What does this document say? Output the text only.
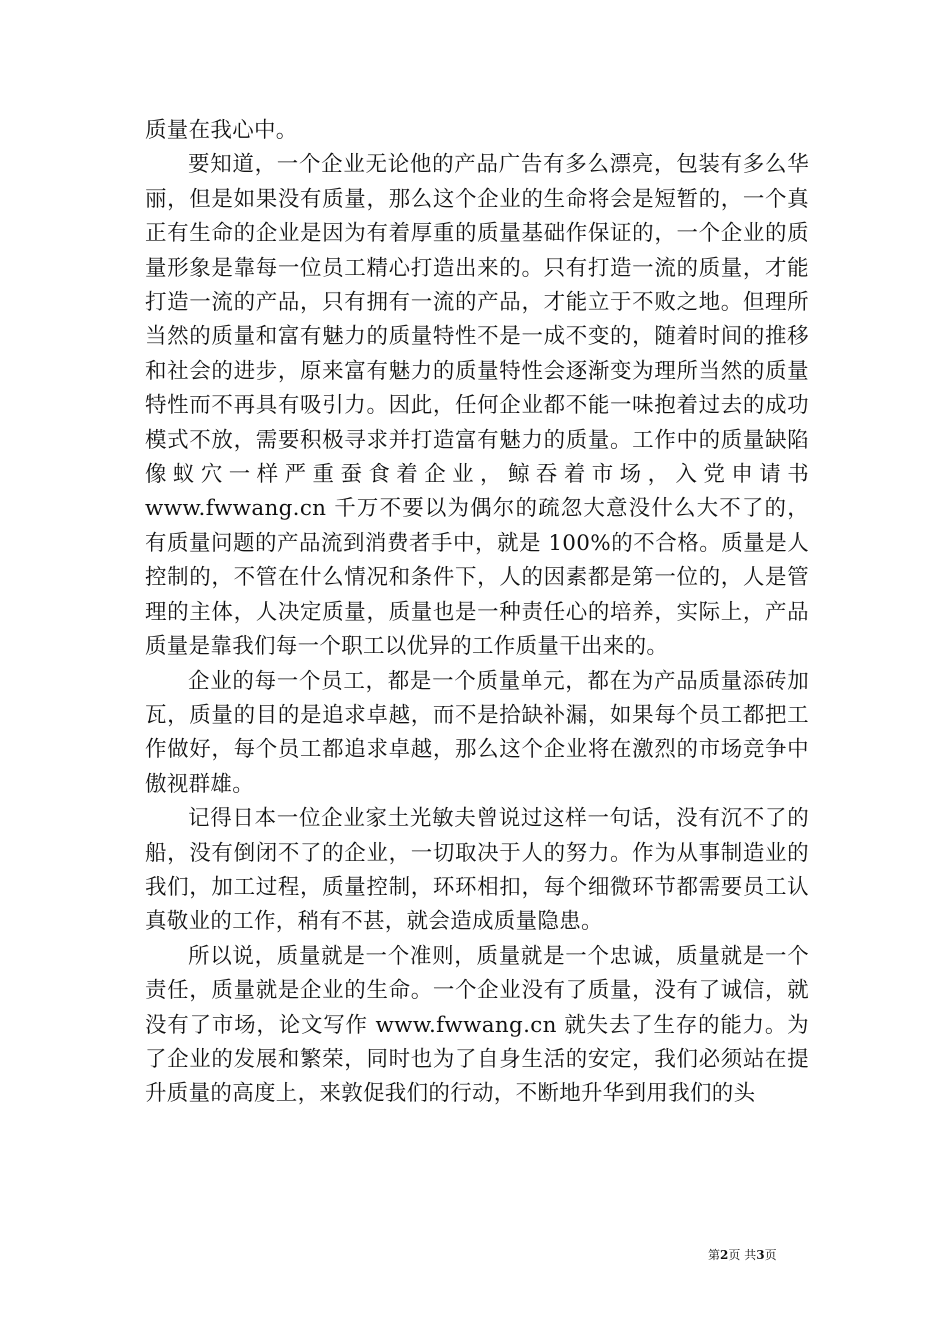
质量在我心中。

要知道，一个企业无论他的产品广告有多么漂亮，包装有多么华丽，但是如果没有质量，那么这个企业的生命将会是短暂的，一个真正有生命的企业是因为有着厚重的质量基础作保证的，一个企业的质量形象是靠每一位员工精心打造出来的。只有打造一流的质量，才能打造一流的产品，只有拥有一流的产品，才能立于不败之地。但理所当然的质量和富有魅力的质量特性不是一成不变的，随着时间的推移和社会的进步，原来富有魅力的质量特性会逐渐变为理所当然的质量特性而不再具有吸引力。因此，任何企业都不能一味抱着过去的成功模式不放，需要积极寻求并打造富有魅力的质量。工作中的质量缺陷像蚁穴一样严重蚕食着企业，鲸吞着市场，入党申请书 www.fwwang.cn 千万不要以为偶尔的疏忽大意没什么大不了的，有质量问题的产品流到消费者手中，就是 100%的不合格。质量是人控制的，不管在什么情况和条件下，人的因素都是第一位的，人是管理的主体，人决定质量，质量也是一种责任心的培养，实际上，产品质量是靠我们每一个职工以优异的工作质量干出来的。

企业的每一个员工，都是一个质量单元，都在为产品质量添砖加瓦，质量的目的是追求卓越，而不是拾缺补漏，如果每个员工都把工作做好，每个员工都追求卓越，那么这个企业将在激烈的市场竞争中傲视群雄。

记得日本一位企业家土光敏夫曾说过这样一句话，没有沉不了的船，没有倒闭不了的企业，一切取决于人的努力。作为从事制造业的我们，加工过程，质量控制，环环相扣，每个细微环节都需要员工认真敬业的工作，稍有不甚，就会造成质量隐患。

所以说，质量就是一个准则，质量就是一个忠诚，质量就是一个责任，质量就是企业的生命。一个企业没有了质量，没有了诚信，就没有了市场，论文写作 www.fwwang.cn 就失去了生存的能力。为了企业的发展和繁荣，同时也为了自身生活的安定，我们必须站在提升质量的高度上，来敦促我们的行动，不断地升华到用我们的头

第2页 共3页
